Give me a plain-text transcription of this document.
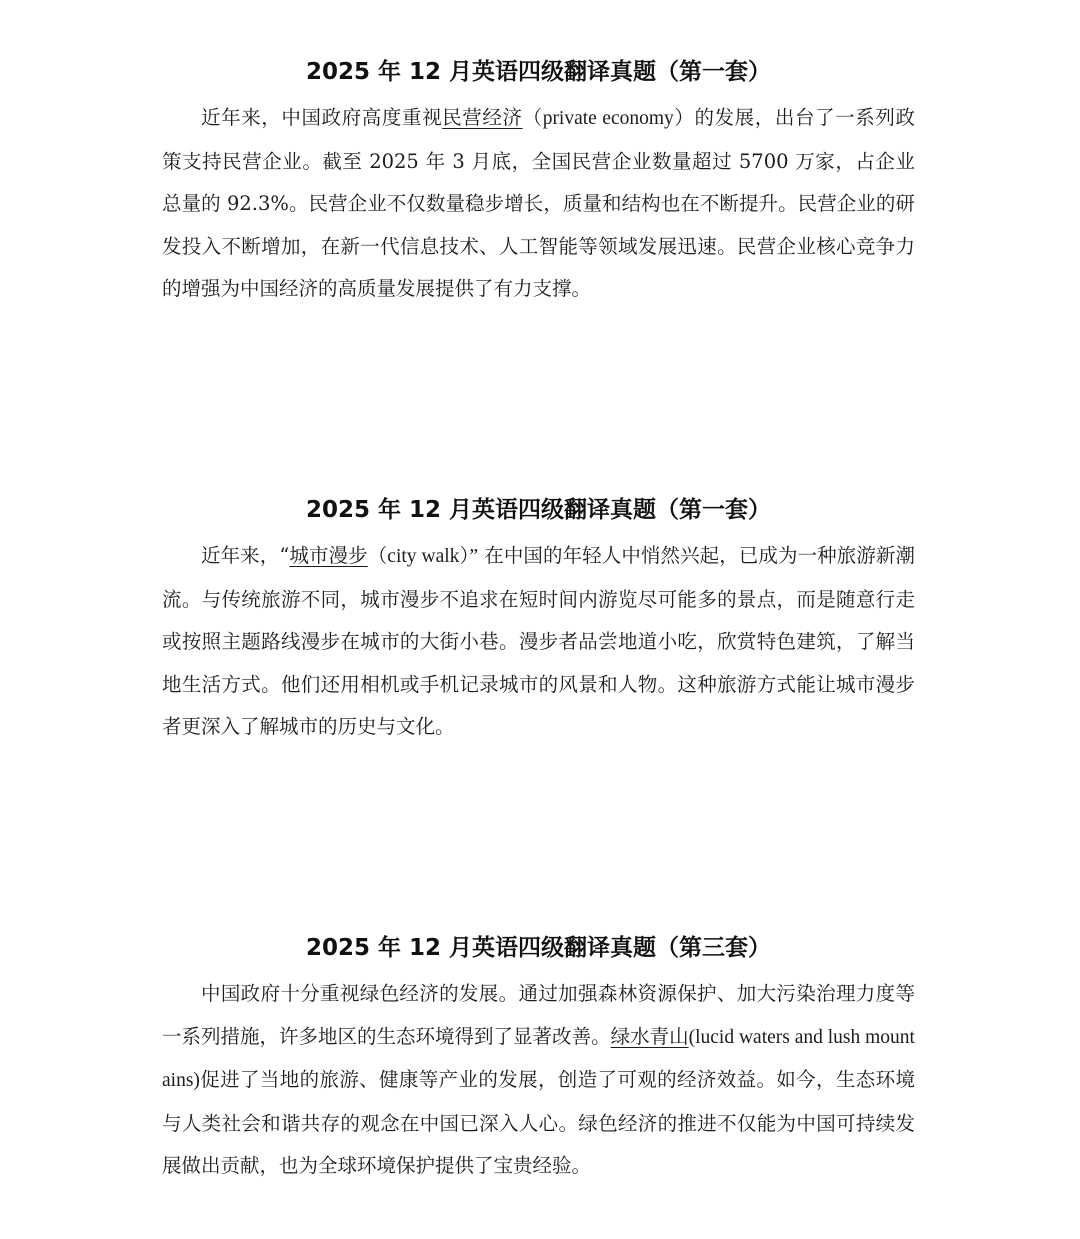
2025 年 12 月英语四级翻译真题（第一套）

近年来，中国政府高度重视民营经济（private economy）的发展，出台了一系列政策支持民营企业。截至 2025 年 3 月底，全国民营企业数量超过 5700 万家，占企业总量的 92.3%。民营企业不仅数量稳步增长，质量和结构也在不断提升。民营企业的研发投入不断增加，在新一代信息技术、人工智能等领域发展迅速。民营企业核心竞争力的增强为中国经济的高质量发展提供了有力支撑。

2025 年 12 月英语四级翻译真题（第一套）

近年来，“城市漫步（city walk）” 在中国的年轻人中悄然兴起，已成为一种旅游新潮流。与传统旅游不同，城市漫步不追求在短时间内游览尽可能多的景点，而是随意行走或按照主题路线漫步在城市的大街小巷。漫步者品尝地道小吃，欣赏特色建筑，了解当地生活方式。他们还用相机或手机记录城市的风景和人物。这种旅游方式能让城市漫步者更深入了解城市的历史与文化。

2025 年 12 月英语四级翻译真题（第三套）

中国政府十分重视绿色经济的发展。通过加强森林资源保护、加大污染治理力度等一系列措施，许多地区的生态环境得到了显著改善。绿水青山(lucid waters and lush mountains)促进了当地的旅游、健康等产业的发展，创造了可观的经济效益。如今，生态环境与人类社会和谐共存的观念在中国已深入人心。绿色经济的推进不仅能为中国可持续发展做出贡献，也为全球环境保护提供了宝贵经验。
